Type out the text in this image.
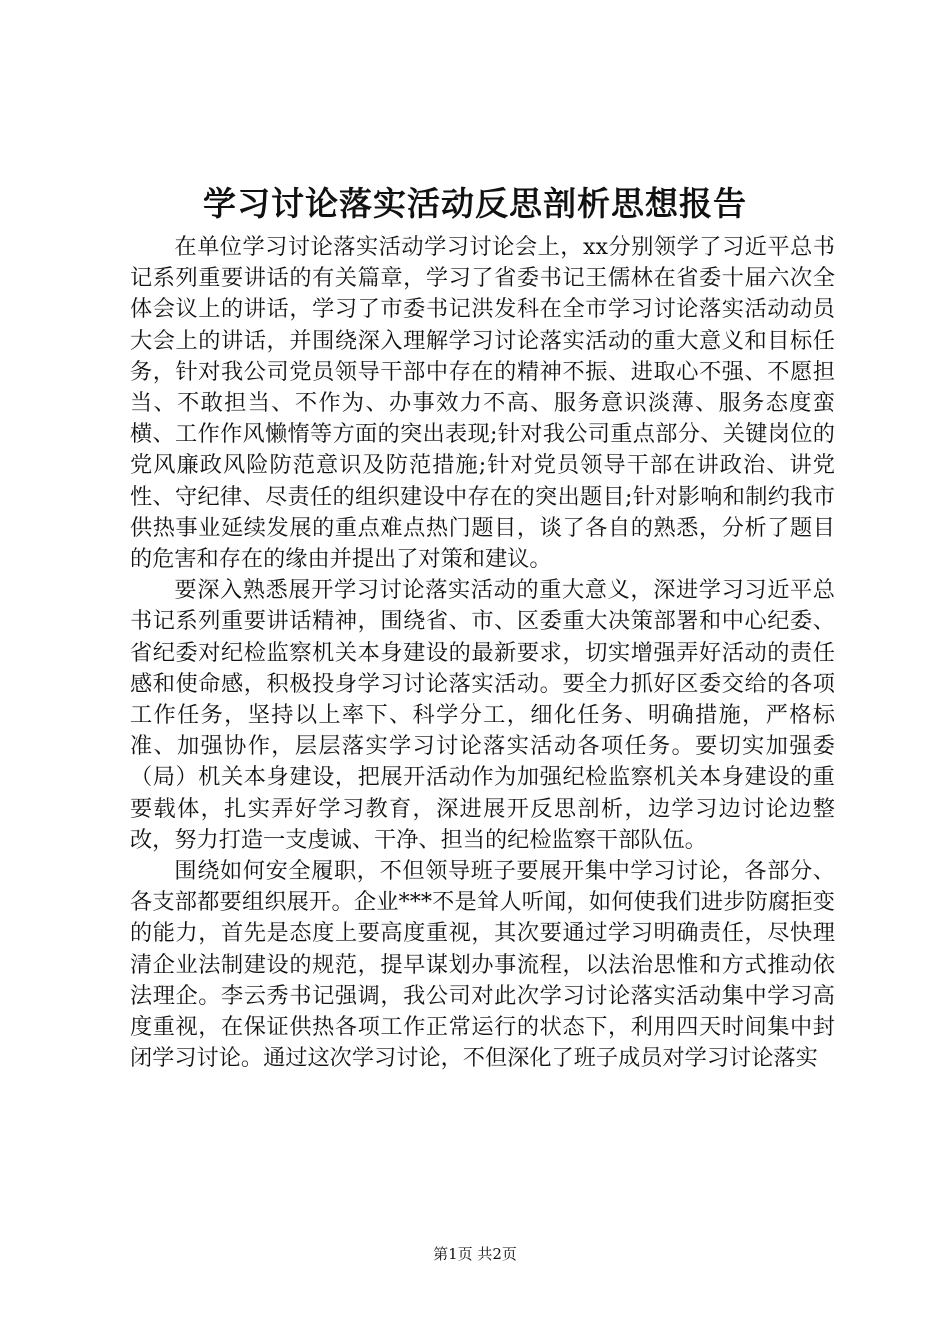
学习讨论落实活动反思剖析思想报告

在单位学习讨论落实活动学习讨论会上，xx分别领学了习近平总书记系列重要讲话的有关篇章，学习了省委书记王儒林在省委十届六次全体会议上的讲话，学习了市委书记洪发科在全市学习讨论落实活动动员大会上的讲话，并围绕深入理解学习讨论落实活动的重大意义和目标任务，针对我公司党员领导干部中存在的精神不振、进取心不强、不愿担当、不敢担当、不作为、办事效力不高、服务意识淡薄、服务态度蛮横、工作作风懒惰等方面的突出表现;针对我公司重点部分、关键岗位的党风廉政风险防范意识及防范措施;针对党员领导干部在讲政治、讲党性、守纪律、尽责任的组织建设中存在的突出题目;针对影响和制约我市供热事业延续发展的重点难点热门题目，谈了各自的熟悉，分析了题目的危害和存在的缘由并提出了对策和建议。

要深入熟悉展开学习讨论落实活动的重大意义，深进学习习近平总书记系列重要讲话精神，围绕省、市、区委重大决策部署和中心纪委、省纪委对纪检监察机关本身建设的最新要求，切实增强弄好活动的责任感和使命感，积极投身学习讨论落实活动。要全力抓好区委交给的各项工作任务，坚持以上率下、科学分工，细化任务、明确措施，严格标准、加强协作，层层落实学习讨论落实活动各项任务。要切实加强委（局）机关本身建设，把展开活动作为加强纪检监察机关本身建设的重要载体，扎实弄好学习教育，深进展开反思剖析，边学习边讨论边整改，努力打造一支虔诚、干净、担当的纪检监察干部队伍。

围绕如何安全履职，不但领导班子要展开集中学习讨论，各部分、各支部都要组织展开。企业***不是耸人听闻，如何使我们进步防腐拒变的能力，首先是态度上要高度重视，其次要通过学习明确责任，尽快理清企业法制建设的规范，提早谋划办事流程，以法治思惟和方式推动依法理企。李云秀书记强调，我公司对此次学习讨论落实活动集中学习高度重视，在保证供热各项工作正常运行的状态下，利用四天时间集中封闭学习讨论。通过这次学习讨论，不但深化了班子成员对学习讨论落实

第1页 共2页
